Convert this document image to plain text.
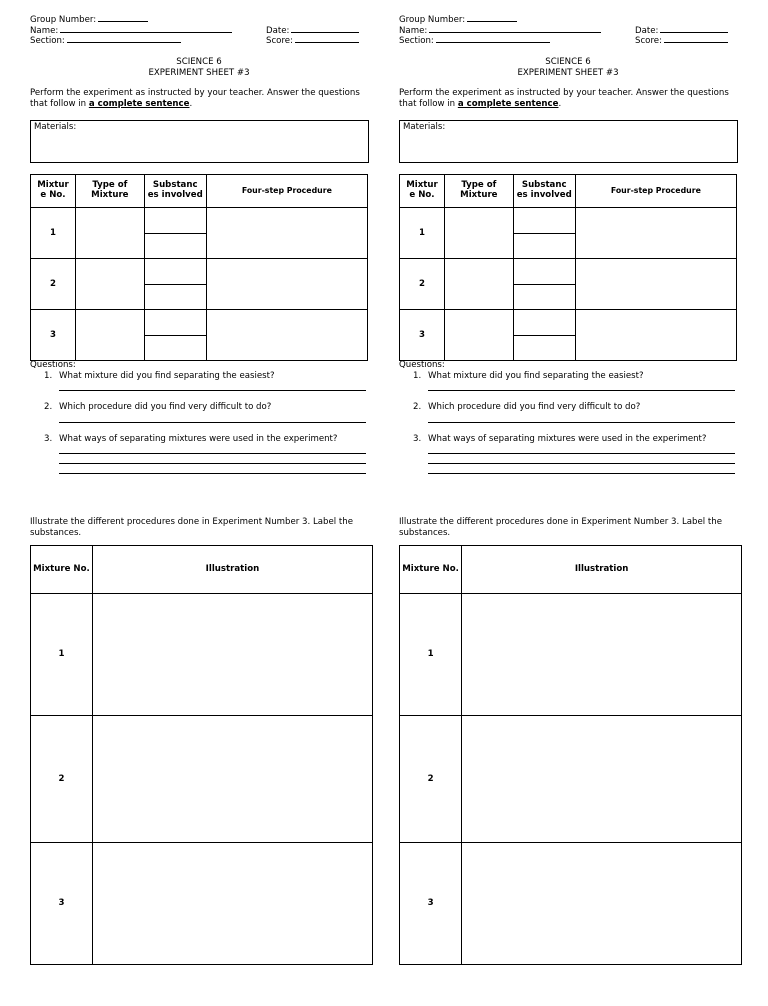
Group Number:
Name:
Section:
Date:
Score:
SCIENCE 6
EXPERIMENT SHEET #3
Perform the experiment as instructed by your teacher. Answer the questions that follow in a complete sentence.
Materials:
Mixtur e No.	Type of Mixture	Substanc es involved	Four-step Procedure
1			

2			

3			

Questions:
1. What mixture did you find separating the easiest?
2. Which procedure did you find very difficult to do?
3. What ways of separating mixtures were used in the experiment?
Illustrate the different procedures done in Experiment Number 3. Label the substances.
Mixture No.	Illustration
1	
2	
3	
Group Number:
Name:
Section:
Date:
Score:
SCIENCE 6
EXPERIMENT SHEET #3
Perform the experiment as instructed by your teacher. Answer the questions that follow in a complete sentence.
Materials:
Mixtur e No.	Type of Mixture	Substanc es involved	Four-step Procedure
1			

2			

3			

Questions:
1. What mixture did you find separating the easiest?
2. Which procedure did you find very difficult to do?
3. What ways of separating mixtures were used in the experiment?
Illustrate the different procedures done in Experiment Number 3. Label the substances.
Mixture No.	Illustration
1	
2	
3	
